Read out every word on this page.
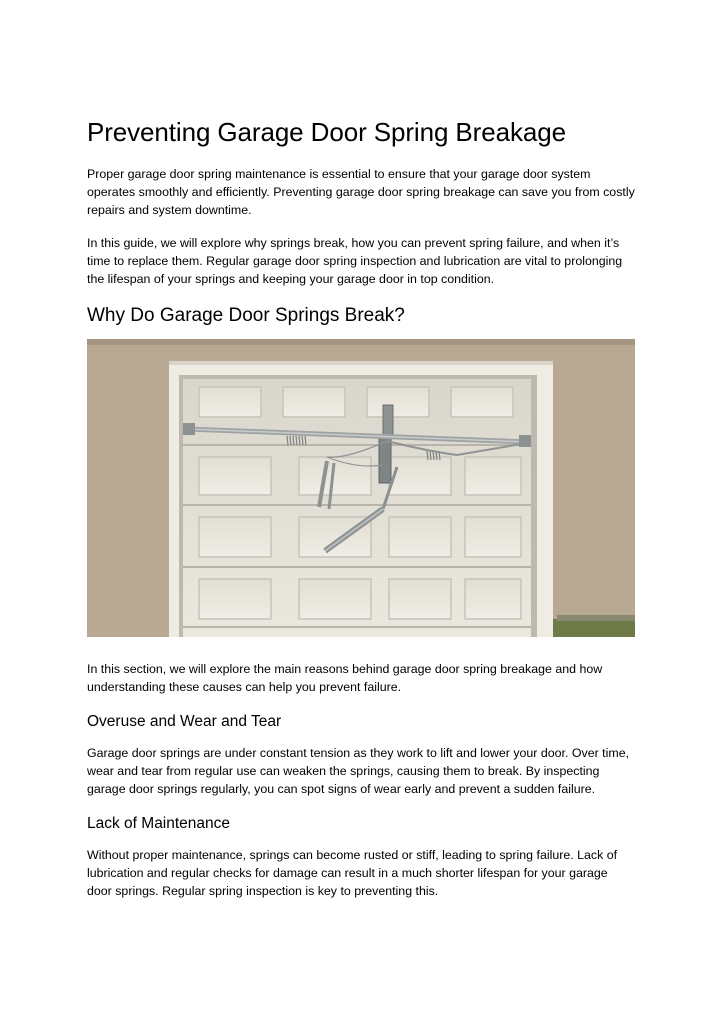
Preventing Garage Door Spring Breakage

Proper garage door spring maintenance is essential to ensure that your garage door system operates smoothly and efficiently. Preventing garage door spring breakage can save you from costly repairs and system downtime.

In this guide, we will explore why springs break, how you can prevent spring failure, and when it’s time to replace them. Regular garage door spring inspection and lubrication are vital to prolonging the lifespan of your springs and keeping your garage door in top condition.

Why Do Garage Door Springs Break?

In this section, we will explore the main reasons behind garage door spring breakage and how understanding these causes can help you prevent failure.

Overuse and Wear and Tear

Garage door springs are under constant tension as they work to lift and lower your door. Over time, wear and tear from regular use can weaken the springs, causing them to break. By inspecting garage door springs regularly, you can spot signs of wear early and prevent a sudden failure.

Lack of Maintenance

Without proper maintenance, springs can become rusted or stiff, leading to spring failure. Lack of lubrication and regular checks for damage can result in a much shorter lifespan for your garage door springs. Regular spring inspection is key to preventing this.
